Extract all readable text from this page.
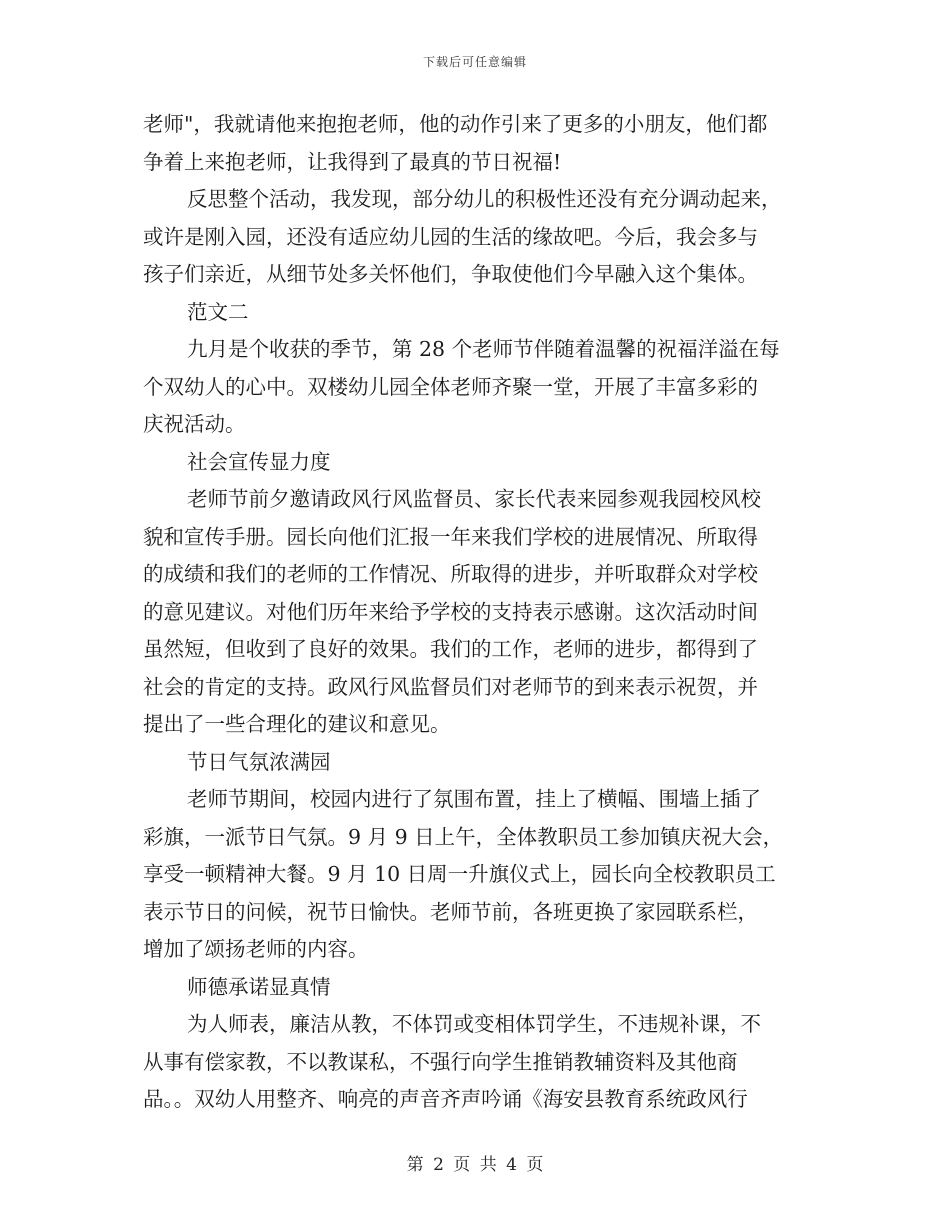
下载后可任意编辑
老师"，我就请他来抱抱老师，他的动作引来了更多的小朋友，他们都
争着上来抱老师，让我得到了最真的节日祝福!
反思整个活动，我发现，部分幼儿的积极性还没有充分调动起来，
或许是刚入园，还没有适应幼儿园的生活的缘故吧。今后，我会多与
孩子们亲近，从细节处多关怀他们，争取使他们今早融入这个集体。
范文二
九月是个收获的季节，第 28 个老师节伴随着温馨的祝福洋溢在每
个双幼人的心中。双楼幼儿园全体老师齐聚一堂，开展了丰富多彩的
庆祝活动。
社会宣传显力度
老师节前夕邀请政风行风监督员、家长代表来园参观我园校风校
貌和宣传手册。园长向他们汇报一年来我们学校的进展情况、所取得
的成绩和我们的老师的工作情况、所取得的进步，并听取群众对学校
的意见建议。对他们历年来给予学校的支持表示感谢。这次活动时间
虽然短，但收到了良好的效果。我们的工作，老师的进步，都得到了
社会的肯定的支持。政风行风监督员们对老师节的到来表示祝贺，并
提出了一些合理化的建议和意见。
节日气氛浓满园
老师节期间，校园内进行了氛围布置，挂上了横幅、围墙上插了
彩旗，一派节日气氛。9 月 9 日上午，全体教职员工参加镇庆祝大会，
享受一顿精神大餐。9 月 10 日周一升旗仪式上，园长向全校教职员工
表示节日的问候，祝节日愉快。老师节前，各班更换了家园联系栏，
增加了颂扬老师的内容。
师德承诺显真情
为人师表，廉洁从教，不体罚或变相体罚学生，不违规补课，不
从事有偿家教，不以教谋私，不强行向学生推销教辅资料及其他商
品。。双幼人用整齐、响亮的声音齐声吟诵《海安县教育系统政风行
第 2 页 共 4 页
